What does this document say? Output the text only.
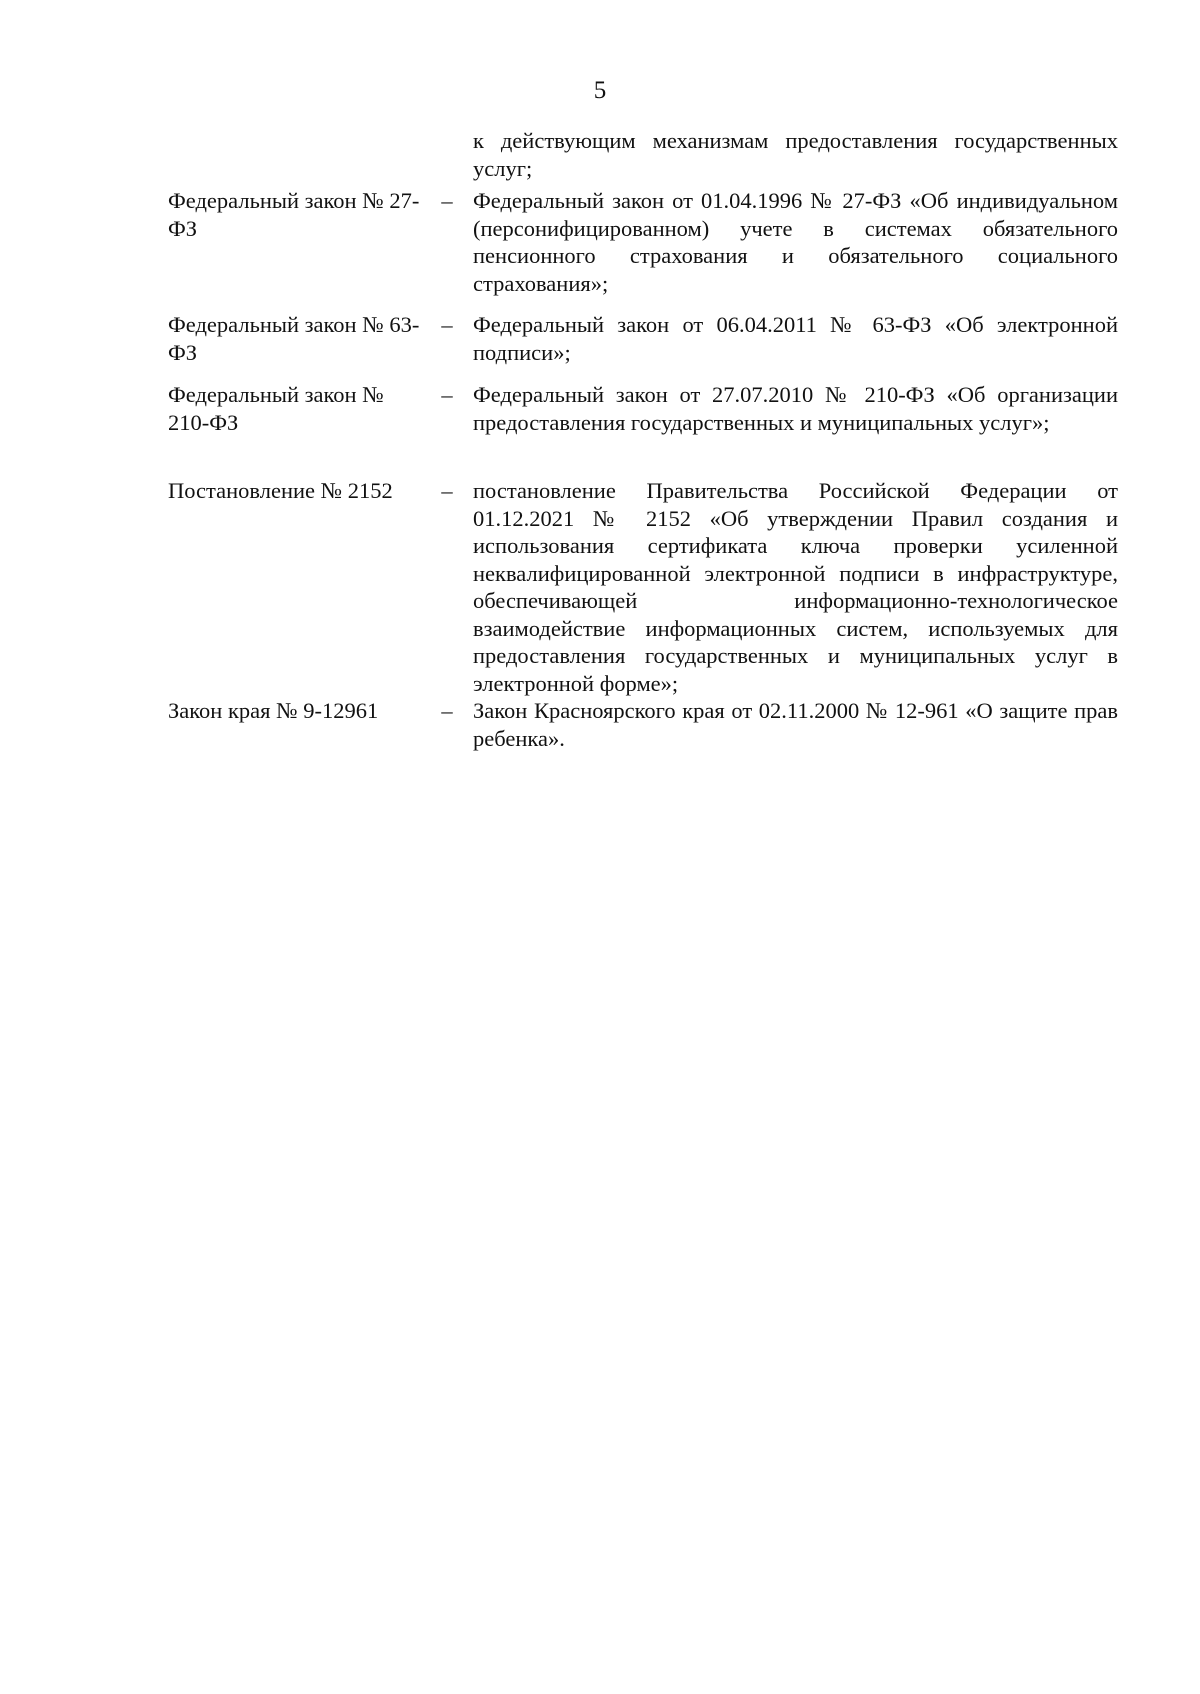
5
к действующим механизмам предоставления государственных услуг;
Федеральный закон № 27-ФЗ
– Федеральный закон от 01.04.1996 № 27-ФЗ «Об индивидуальном (персонифицированном) учете в системах обязательного пенсионного страхования и обязательного социального страхования»;
Федеральный закон № 63-ФЗ
– Федеральный закон от 06.04.2011 № 63-ФЗ «Об электронной подписи»;
Федеральный закон № 210-ФЗ
– Федеральный закон от 27.07.2010 № 210-ФЗ «Об организации предоставления государственных и муниципальных услуг»;
Постановление № 2152	– постановление Правительства Российской Федерации от 01.12.2021 № 2152 «Об утверждении Правил создания и использования сертификата ключа проверки усиленной неквалифицированной электронной подписи в инфраструктуре, обеспечивающей информационно-технологическое взаимодействие информационных систем, используемых для предоставления государственных и муниципальных услуг в электронной форме»;
Закон края № 9-12961	– Закон Красноярского края от 02.11.2000 № 12-961 «О защите прав ребенка».
